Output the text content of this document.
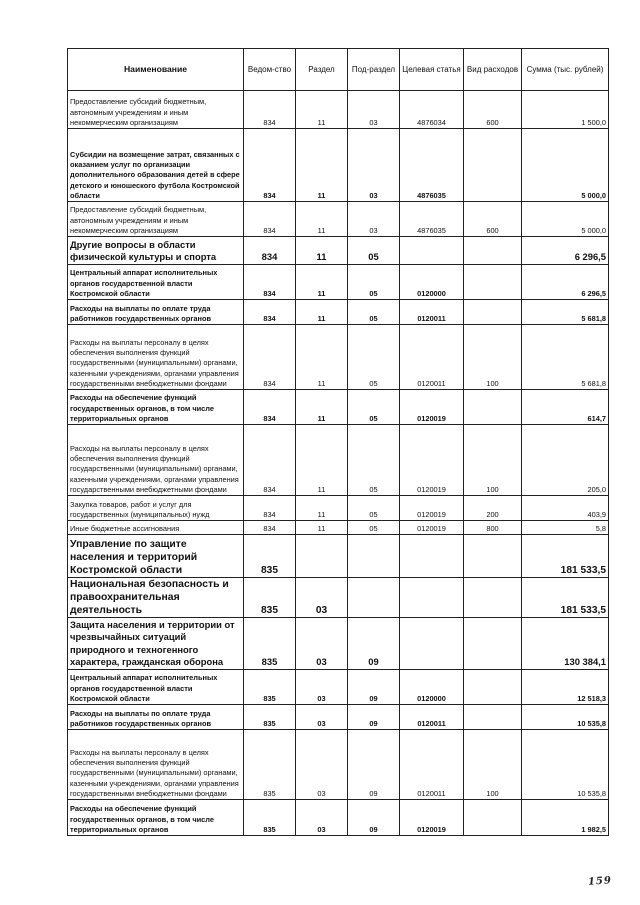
Наименование	Ведом-ство	Раздел	Под-раздел	Целевая статья	Вид расходов	Сумма (тыс. рублей)
Предоставление субсидий бюджетным, автономным учреждениям и иным некоммерческим организациям	834	11	03	4876034	600	1 500,0
Субсидии на возмещение затрат, связанных с оказанием услуг по организации дополнительного образования детей в сфере детского и юношеского футбола Костромской области	834	11	03	4876035		5 000,0
Предоставление субсидий бюджетным, автономным учреждениям и иным некоммерческим организациям	834	11	03	4876035	600	5 000,0
Другие вопросы в области физической культуры и спорта	834	11	05			6 296,5
Центральный аппарат исполнительных органов государственной власти Костромской области	834	11	05	0120000		6 296,5
Расходы на выплаты по оплате труда работников государственных органов	834	11	05	0120011		5 681,8
Расходы на выплаты персоналу в целях обеспечения выполнения функций государственными (муниципальными) органами, казенными учреждениями, органами управления государственными внебюджетными фондами	834	11	05	0120011	100	5 681,8
Расходы на обеспечение функций государственных органов, в том числе территориальных органов	834	11	05	0120019		614,7
Расходы на выплаты персоналу в целях обеспечения выполнения функций государственными (муниципальными) органами, казенными учреждениями, органами управления государственными внебюджетными фондами	834	11	05	0120019	100	205,0
Закупка товаров, работ и услуг для государственных (муниципальных) нужд	834	11	05	0120019	200	403,9
Иные бюджетные ассигнования	834	11	05	0120019	800	5,8
Управление по защите населения и территорий Костромской области	835					181 533,5
Национальная безопасность и правоохранительная деятельность	835	03				181 533,5
Защита населения и территории от чрезвычайных ситуаций природного и техногенного характера, гражданская оборона	835	03	09			130 384,1
Центральный аппарат исполнительных органов государственной власти Костромской области	835	03	09	0120000		12 518,3
Расходы на выплаты по оплате труда работников государственных органов	835	03	09	0120011		10 535,8
Расходы на выплаты персоналу в целях обеспечения выполнения функций государственными (муниципальными) органами, казенными учреждениями, органами управления государственными внебюджетными фондами	835	03	09	0120011	100	10 535,8
Расходы на обеспечение функций государственных органов, в том числе территориальных органов	835	03	09	0120019		1 982,5
159
